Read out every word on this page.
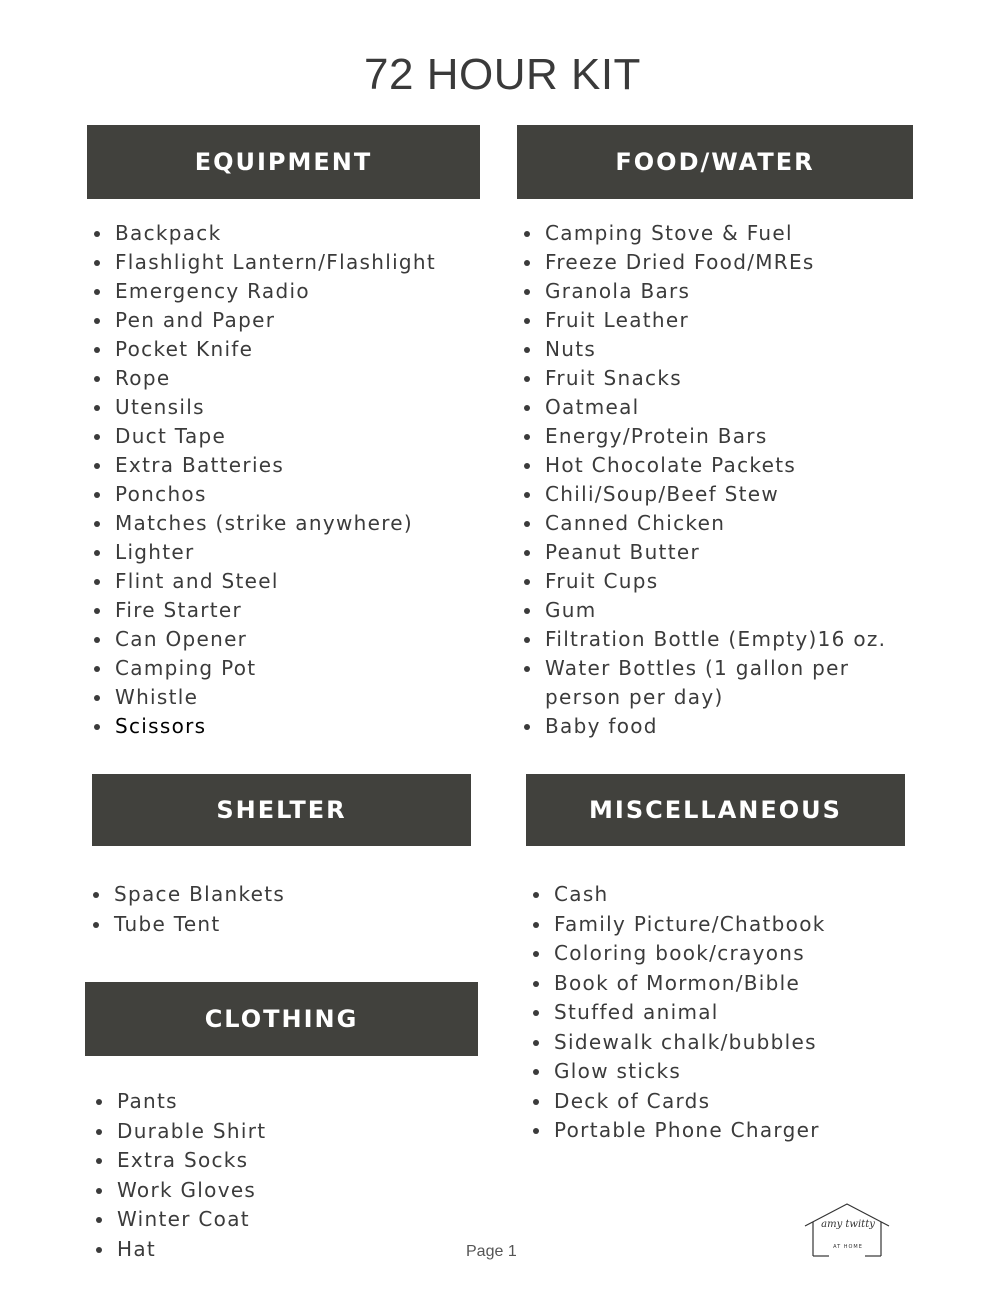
72 HOUR KIT
EQUIPMENT
Backpack
Flashlight Lantern/Flashlight
Emergency Radio
Pen and Paper
Pocket Knife
Rope
Utensils
Duct Tape
Extra Batteries
Ponchos
Matches (strike anywhere)
Lighter
Flint and Steel
Fire Starter
Can Opener
Camping Pot
Whistle
Scissors
FOOD/WATER
Camping Stove & Fuel
Freeze Dried Food/MREs
Granola Bars
Fruit Leather
Nuts
Fruit Snacks
Oatmeal
Energy/Protein Bars
Hot Chocolate Packets
Chili/Soup/Beef Stew
Canned Chicken
Peanut Butter
Fruit Cups
Gum
Filtration Bottle (Empty)16 oz.
Water Bottles (1 gallon per
person per day)
Baby food
SHELTER
Space Blankets
Tube Tent
MISCELLANEOUS
Cash
Family Picture/Chatbook
Coloring book/crayons
Book of Mormon/Bible
Stuffed animal
Sidewalk chalk/bubbles
Glow sticks
Deck of Cards
Portable Phone Charger
CLOTHING
Pants
Durable Shirt
Extra Socks
Work Gloves
Winter Coat
Hat	Page 1
amy twitty
AT HOME
